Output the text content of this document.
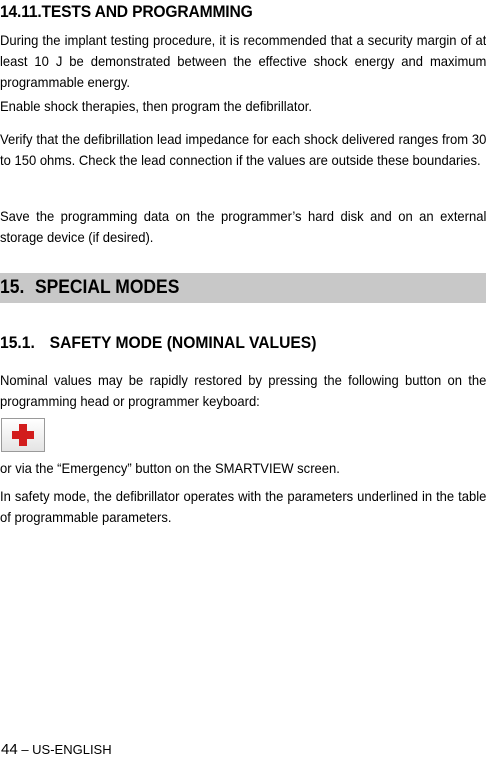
14.11.TESTS AND PROGRAMMING

During the implant testing procedure, it is recommended that a security margin of at least 10 J be demonstrated between the effective shock energy and maximum programmable energy.

Enable shock therapies, then program the defibrillator.

Verify that the defibrillation lead impedance for each shock delivered ranges from 30 to 150 ohms. Check the lead connection if the values are outside these boundaries.

Save the programming data on the programmer’s hard disk and on an external storage device (if desired).

15. SPECIAL MODES
15.1. SAFETY MODE (NOMINAL VALUES)

Nominal values may be rapidly restored by pressing the following button on the programming head or programmer keyboard:

or via the “Emergency” button on the SMARTVIEW screen.

In safety mode, the defibrillator operates with the parameters underlined in the table of programmable parameters.

44 – US-ENGLISH
